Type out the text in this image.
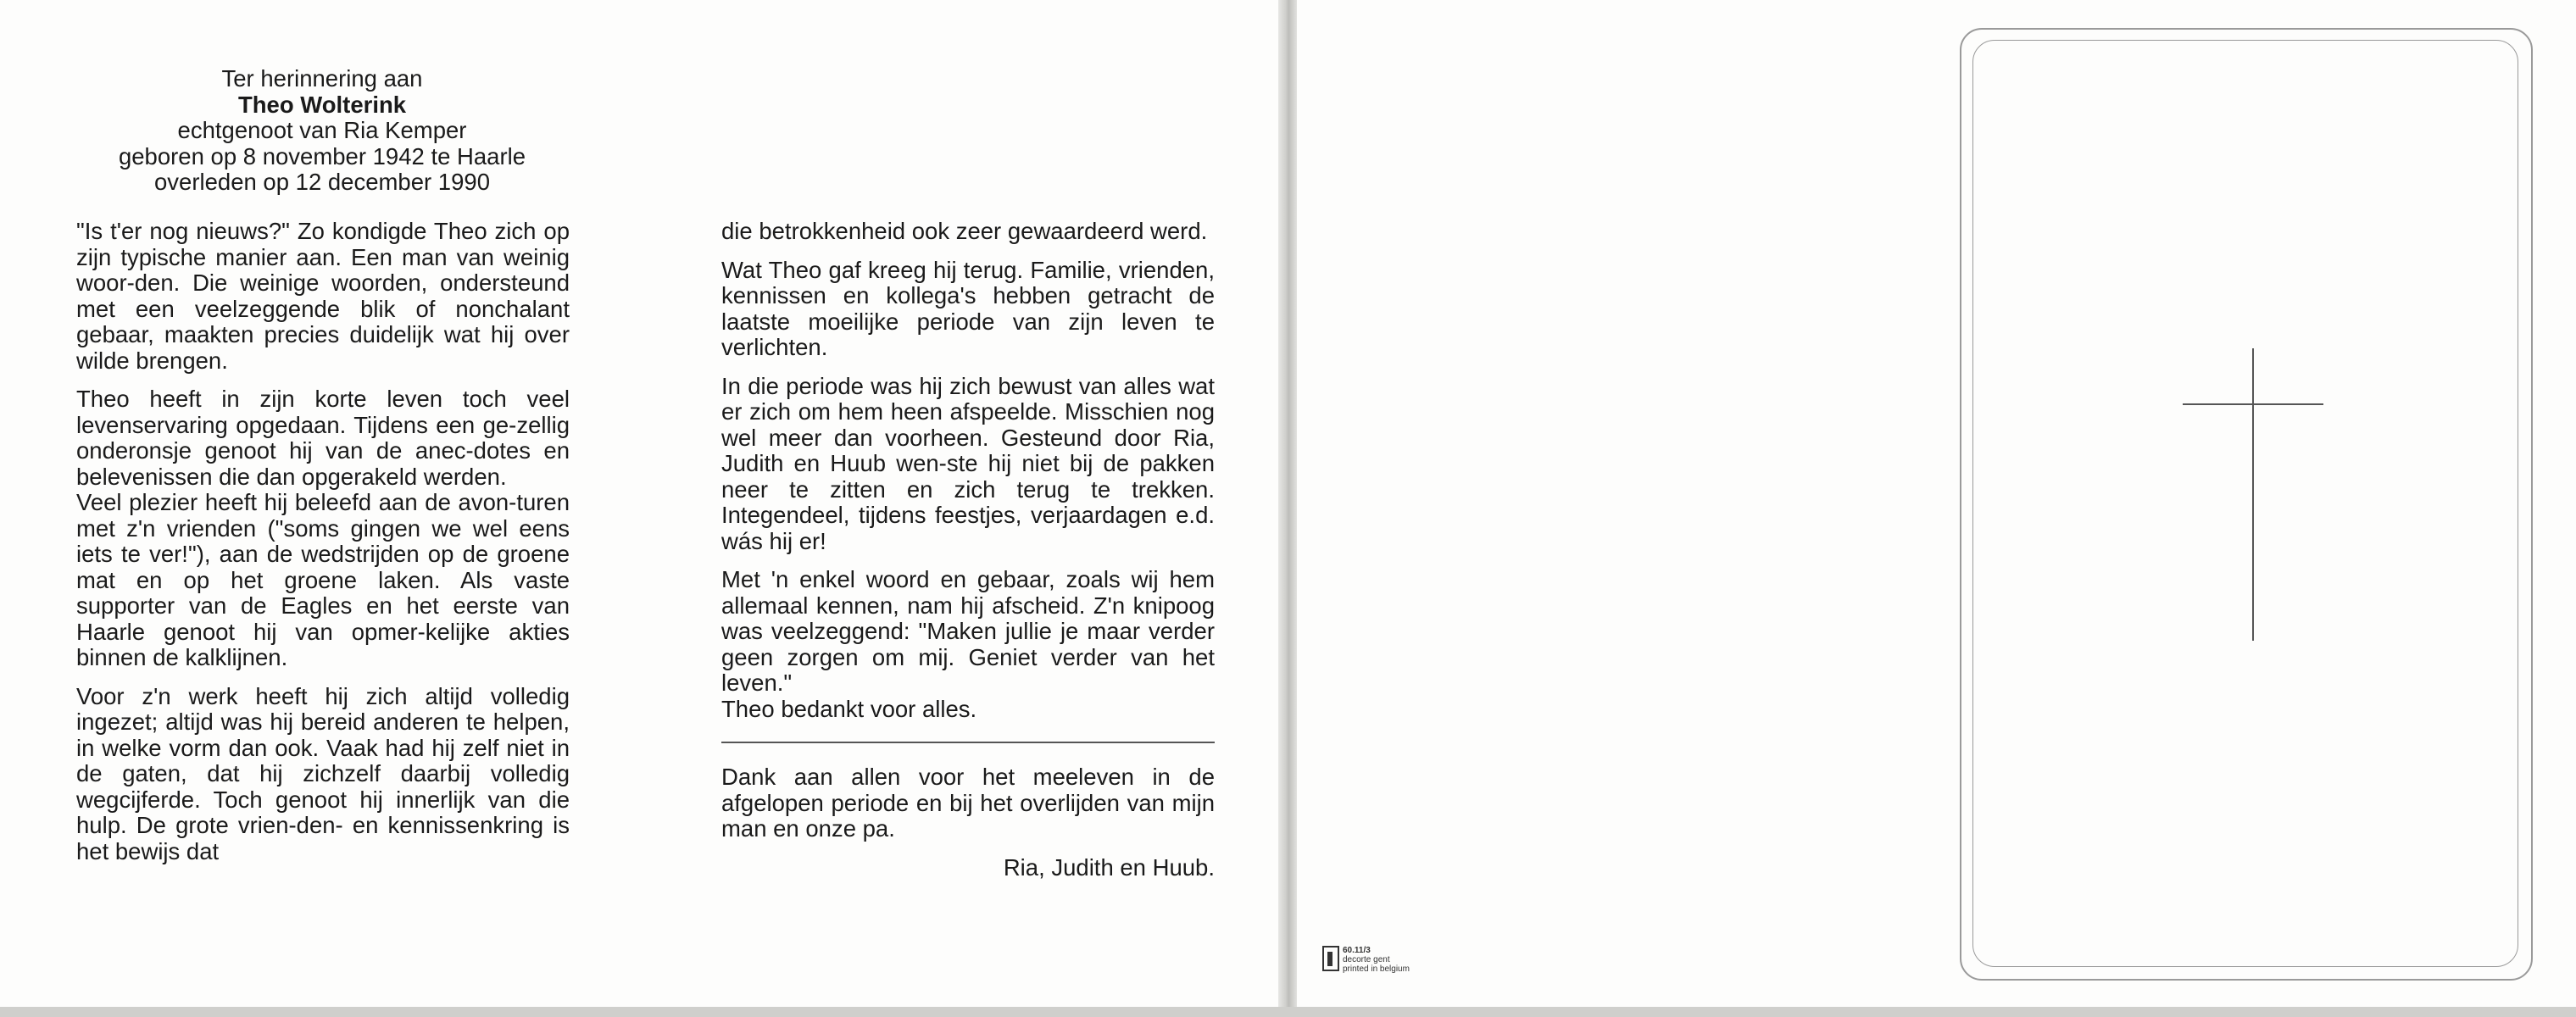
Ter herinnering aan
Theo Wolterink
echtgenoot van Ria Kemper
geboren op 8 november 1942 te Haarle
overleden op 12 december 1990

"Is t'er nog nieuws?" Zo kondigde Theo zich op zijn typische manier aan. Een man van weinig woor-den. Die weinige woorden, ondersteund met een veelzeggende blik of nonchalant gebaar, maakten precies duidelijk wat hij over wilde brengen.

Theo heeft in zijn korte leven toch veel levenservaring opgedaan. Tijdens een ge-zellig onderonsje genoot hij van de anec-dotes en belevenissen die dan opgerakeld werden.

Veel plezier heeft hij beleefd aan de avon-turen met z'n vrienden ("soms gingen we wel eens iets te ver!"), aan de wedstrijden op de groene mat en op het groene laken. Als vaste supporter van de Eagles en het eerste van Haarle genoot hij van opmer-kelijke akties binnen de kalklijnen.

Voor z'n werk heeft hij zich altijd volledig ingezet; altijd was hij bereid anderen te helpen, in welke vorm dan ook. Vaak had hij zelf niet in de gaten, dat hij zichzelf daarbij volledig wegcijferde. Toch genoot hij innerlijk van die hulp. De grote vrien-den- en kennissenkring is het bewijs dat

die betrokkenheid ook zeer gewaardeerd werd.

Wat Theo gaf kreeg hij terug. Familie, vrienden, kennissen en kollega's hebben getracht de laatste moeilijke periode van zijn leven te verlichten.

In die periode was hij zich bewust van alles wat er zich om hem heen afspeelde. Misschien nog wel meer dan voorheen. Gesteund door Ria, Judith en Huub wen-ste hij niet bij de pakken neer te zitten en zich terug te trekken. Integendeel, tijdens feestjes, verjaardagen e.d. wás hij er!

Met 'n enkel woord en gebaar, zoals wij hem allemaal kennen, nam hij afscheid. Z'n knipoog was veelzeggend: "Maken jullie je maar verder geen zorgen om mij. Geniet verder van het leven."

Theo bedankt voor alles.

Dank aan allen voor het meeleven in de afgelopen periode en bij het overlijden van mijn man en onze pa.

Ria, Judith en Huub.

60.11/3
decorte gent
printed in belgium
